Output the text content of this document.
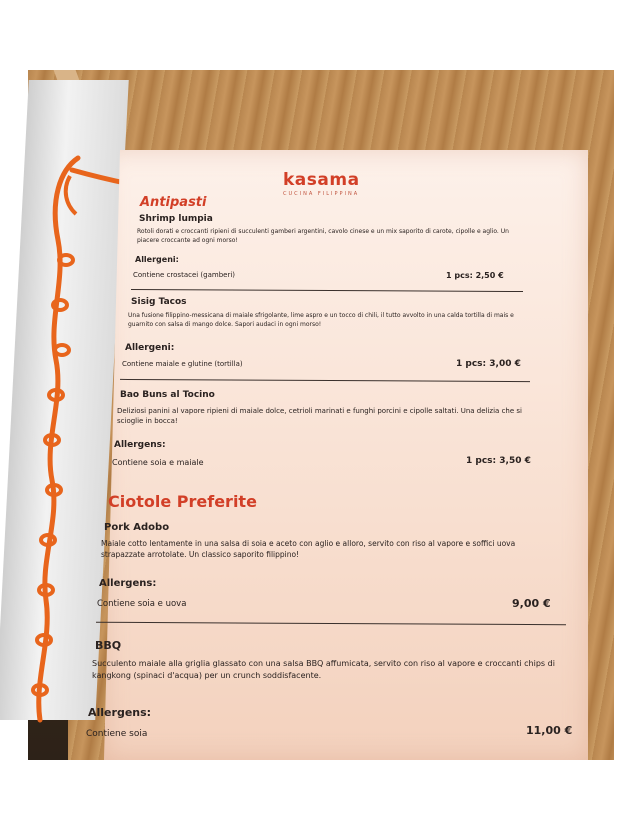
kasama
CUCINA FILIPPINA
Antipasti
Shrimp lumpia
Rotoli dorati e croccanti ripieni di succulenti gamberi argentini, cavolo cinese e un mix saporito di carote, cipolle e aglio. Un piacere croccante ad ogni morso!
Allergeni:
Contiene crostacei (gamberi)	1 pcs: 2,50 €
Sisig Tacos
Una fusione filippino-messicana di maiale sfrigolante, lime aspro e un tocco di chili, il tutto avvolto in una calda tortilla di mais e guarnito con salsa di mango dolce. Sapori audaci in ogni morso!
Allergeni:
Contiene maiale e glutine (tortilla)	1 pcs: 3,00 €
Bao Buns al Tocino
Deliziosi panini al vapore ripieni di maiale dolce, cetrioli marinati e funghi porcini e cipolle saltati. Una delizia che si scioglie in bocca!
Allergens:
Contiene soia e maiale	1 pcs: 3,50 €
Ciotole Preferite
Pork Adobo
Maiale cotto lentamente in una salsa di soia e aceto con aglio e alloro, servito con riso al vapore e soffici uova strapazzate arrotolate. Un classico saporito filippino!
Allergens:
Contiene soia e uova	9,00 €
BBQ
Succulento maiale alla griglia glassato con una salsa BBQ affumicata, servito con riso al vapore e croccanti chips di kangkong (spinaci d'acqua) per un crunch soddisfacente.
Allergens:
Contiene soia	11,00 €
